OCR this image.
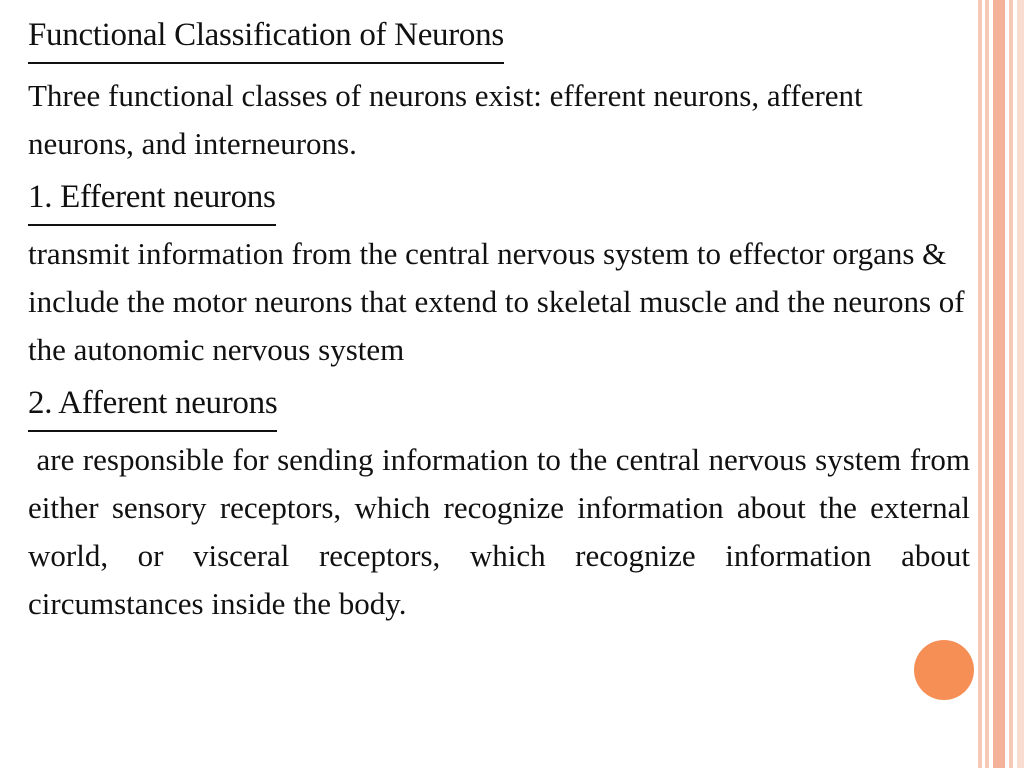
Functional Classification of Neurons

Three functional classes of neurons exist: efferent neurons, afferent neurons, and interneurons.

1. Efferent neurons

transmit information from the central nervous system to effector organs & include the motor neurons that extend to skeletal muscle and the neurons of the autonomic nervous system

2. Afferent neurons

are responsible for sending information to the central nervous system from either sensory receptors, which recognize information about the external world, or visceral receptors, which recognize information about circumstances inside the body.
